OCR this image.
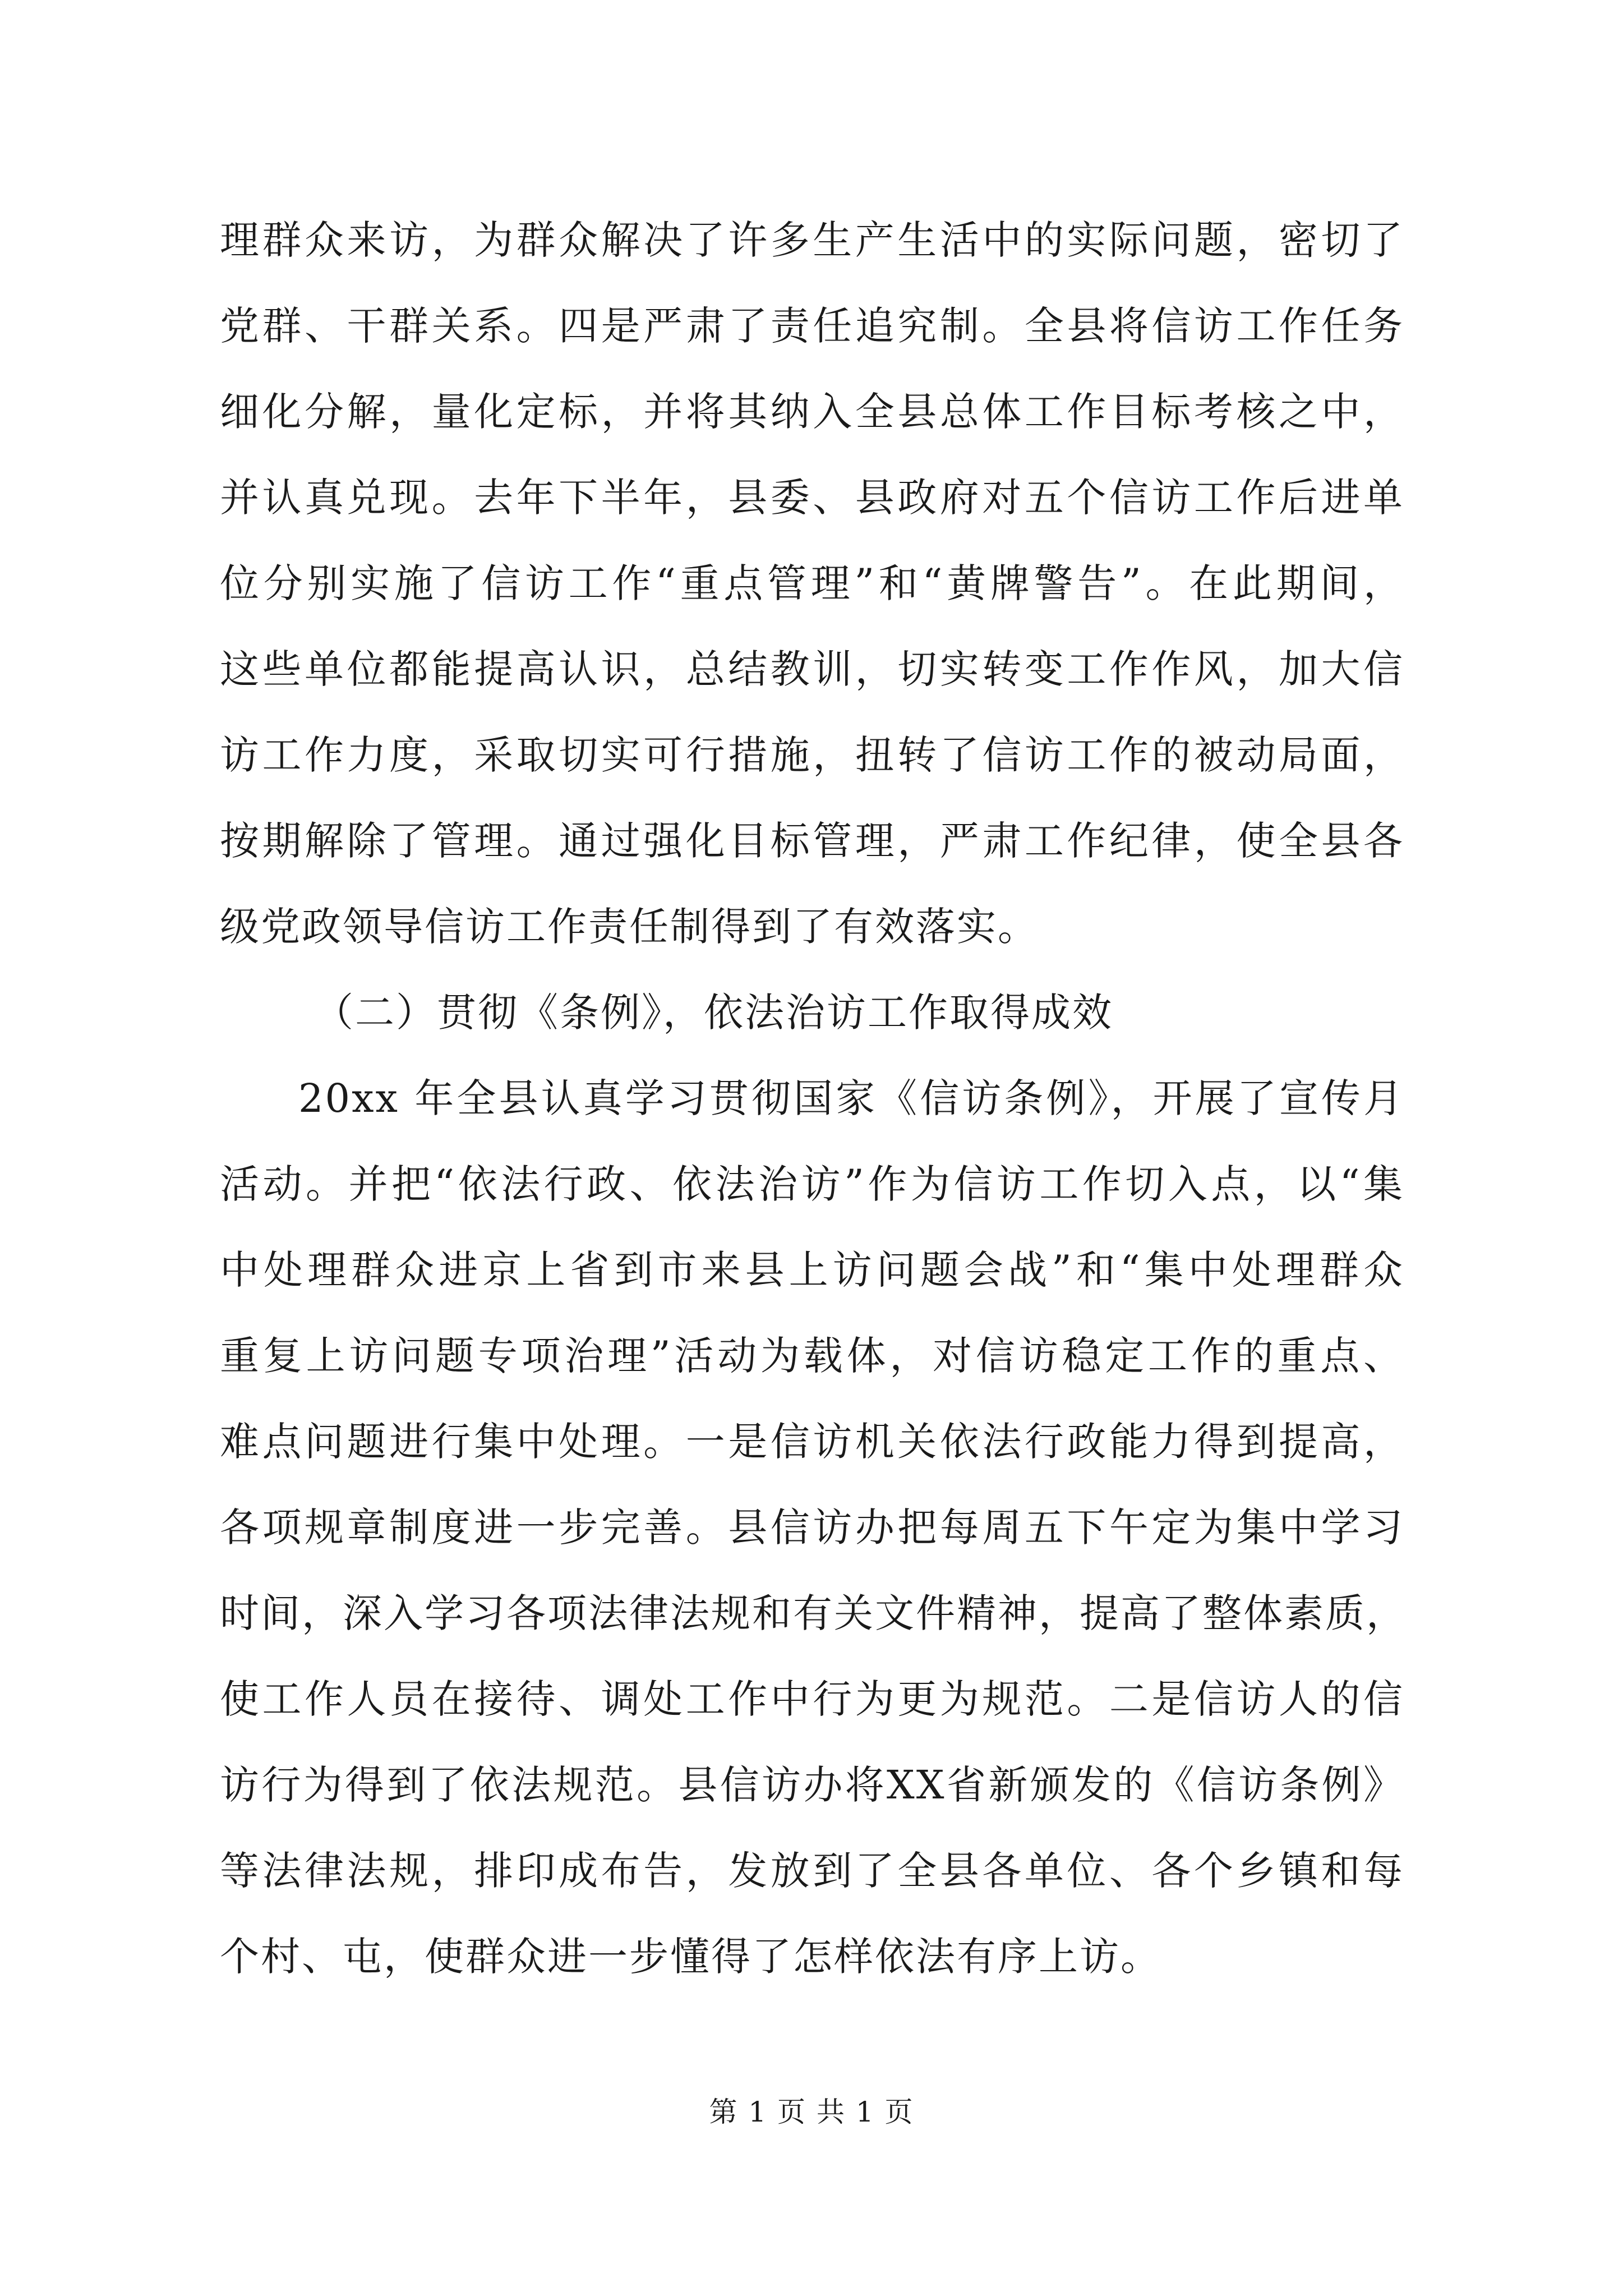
理群众来访，为群众解决了许多生产生活中的实际问题，密切了
党群、干群关系。四是严肃了责任追究制。全县将信访工作任务
细化分解，量化定标，并将其纳入全县总体工作目标考核之中，
并认真兑现。去年下半年，县委、县政府对五个信访工作后进单
位分别实施了信访工作“重点管理”和“黄牌警告”。在此期间，
这些单位都能提高认识，总结教训，切实转变工作作风，加大信
访工作力度，采取切实可行措施，扭转了信访工作的被动局面，
按期解除了管理。通过强化目标管理，严肃工作纪律，使全县各
级党政领导信访工作责任制得到了有效落实。
（二）贯彻《条例》，依法治访工作取得成效
20xx 年全县认真学习贯彻国家《信访条例》，开展了宣传月
活动。并把“依法行政、依法治访”作为信访工作切入点，以“集
中处理群众进京上省到市来县上访问题会战”和“集中处理群众
重复上访问题专项治理”活动为载体，对信访稳定工作的重点、
难点问题进行集中处理。一是信访机关依法行政能力得到提高，
各项规章制度进一步完善。县信访办把每周五下午定为集中学习
时间，深入学习各项法律法规和有关文件精神，提高了整体素质，
使工作人员在接待、调处工作中行为更为规范。二是信访人的信
访行为得到了依法规范。县信访办将XX省新颁发的《信访条例》
等法律法规，排印成布告，发放到了全县各单位、各个乡镇和每
个村、屯，使群众进一步懂得了怎样依法有序上访。
第 1 页 共 1 页
